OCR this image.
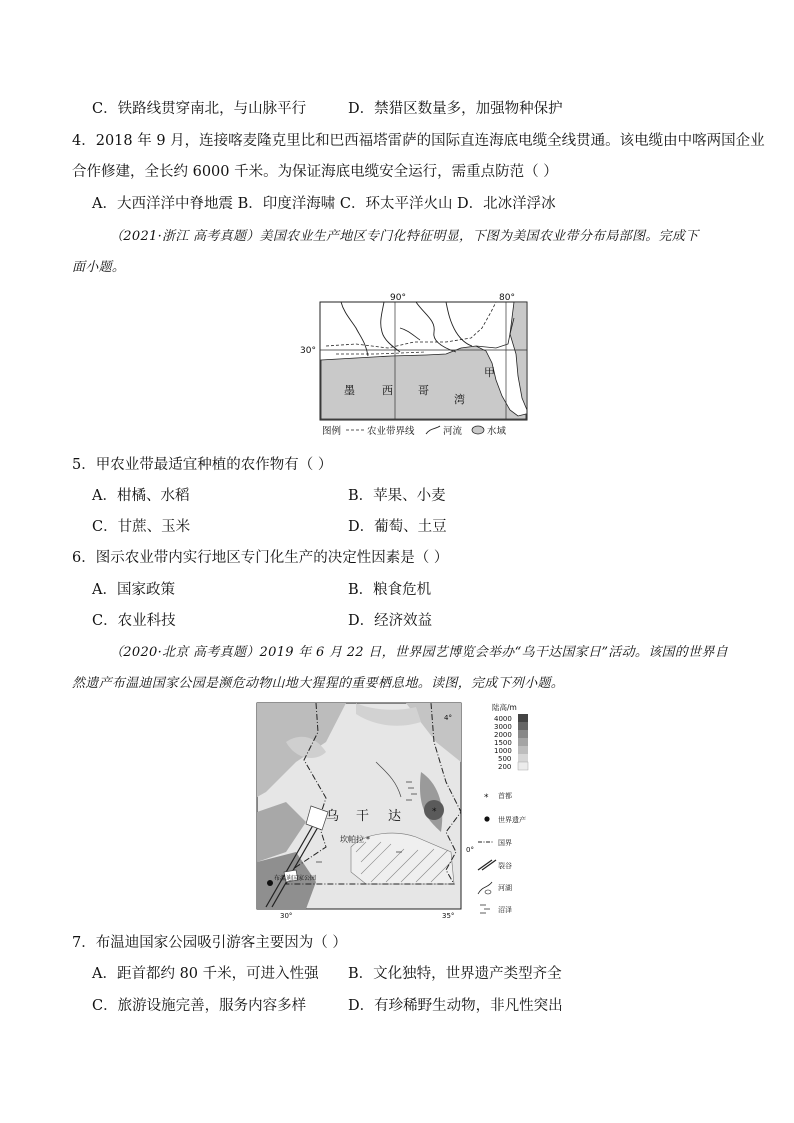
C．铁路线贯穿南北，与山脉平行	D．禁猎区数量多，加强物种保护
4．2018 年 9 月，连接喀麦隆克里比和巴西福塔雷萨的国际直连海底电缆全线贯通。该电缆由中喀两国企业
合作修建，全长约 6000 千米。为保证海底电缆安全运行，需重点防范（ ）
A．大西洋洋中脊地震 B．印度洋海啸 C．环太平洋火山 D．北冰洋浮冰
（2021·浙江 高考真题）美国农业生产地区专门化特征明显，下图为美国农业带分布局部图。完成下
面小题。
90°	80°
30°
墨 西 哥
湾
甲
图例	农业带界线	河流	水域
5．甲农业带最适宜种植的农作物有（ ）
A．柑橘、水稻	B．苹果、小麦
C．甘蔗、玉米	D．葡萄、土豆
6．图示农业带内实行地区专门化生产的决定性因素是（ ）
A．国家政策	B．粮食危机
C．农业科技	D．经济效益
（2020·北京 高考真题）2019 年 6 月 22 日，世界园艺博览会举办“乌干达国家日”活动。该国的世界自
然遗产布温迪国家公园是濒危动物山地大猩猩的重要栖息地。读图，完成下列小题。
乌 干 达
坎帕拉 *
*
布温迪国家公园
4°
0°
30°	35°
陆高/m
4000
3000
2000
1500
1000
500
200
* 首都
世界遗产
国界
裂谷
河湖
沼泽
7．布温迪国家公园吸引游客主要因为（ ）
A．距首都约 80 千米，可进入性强 B．文化独特，世界遗产类型齐全
C．旅游设施完善，服务内容多样	D．有珍稀野生动物，非凡性突出
